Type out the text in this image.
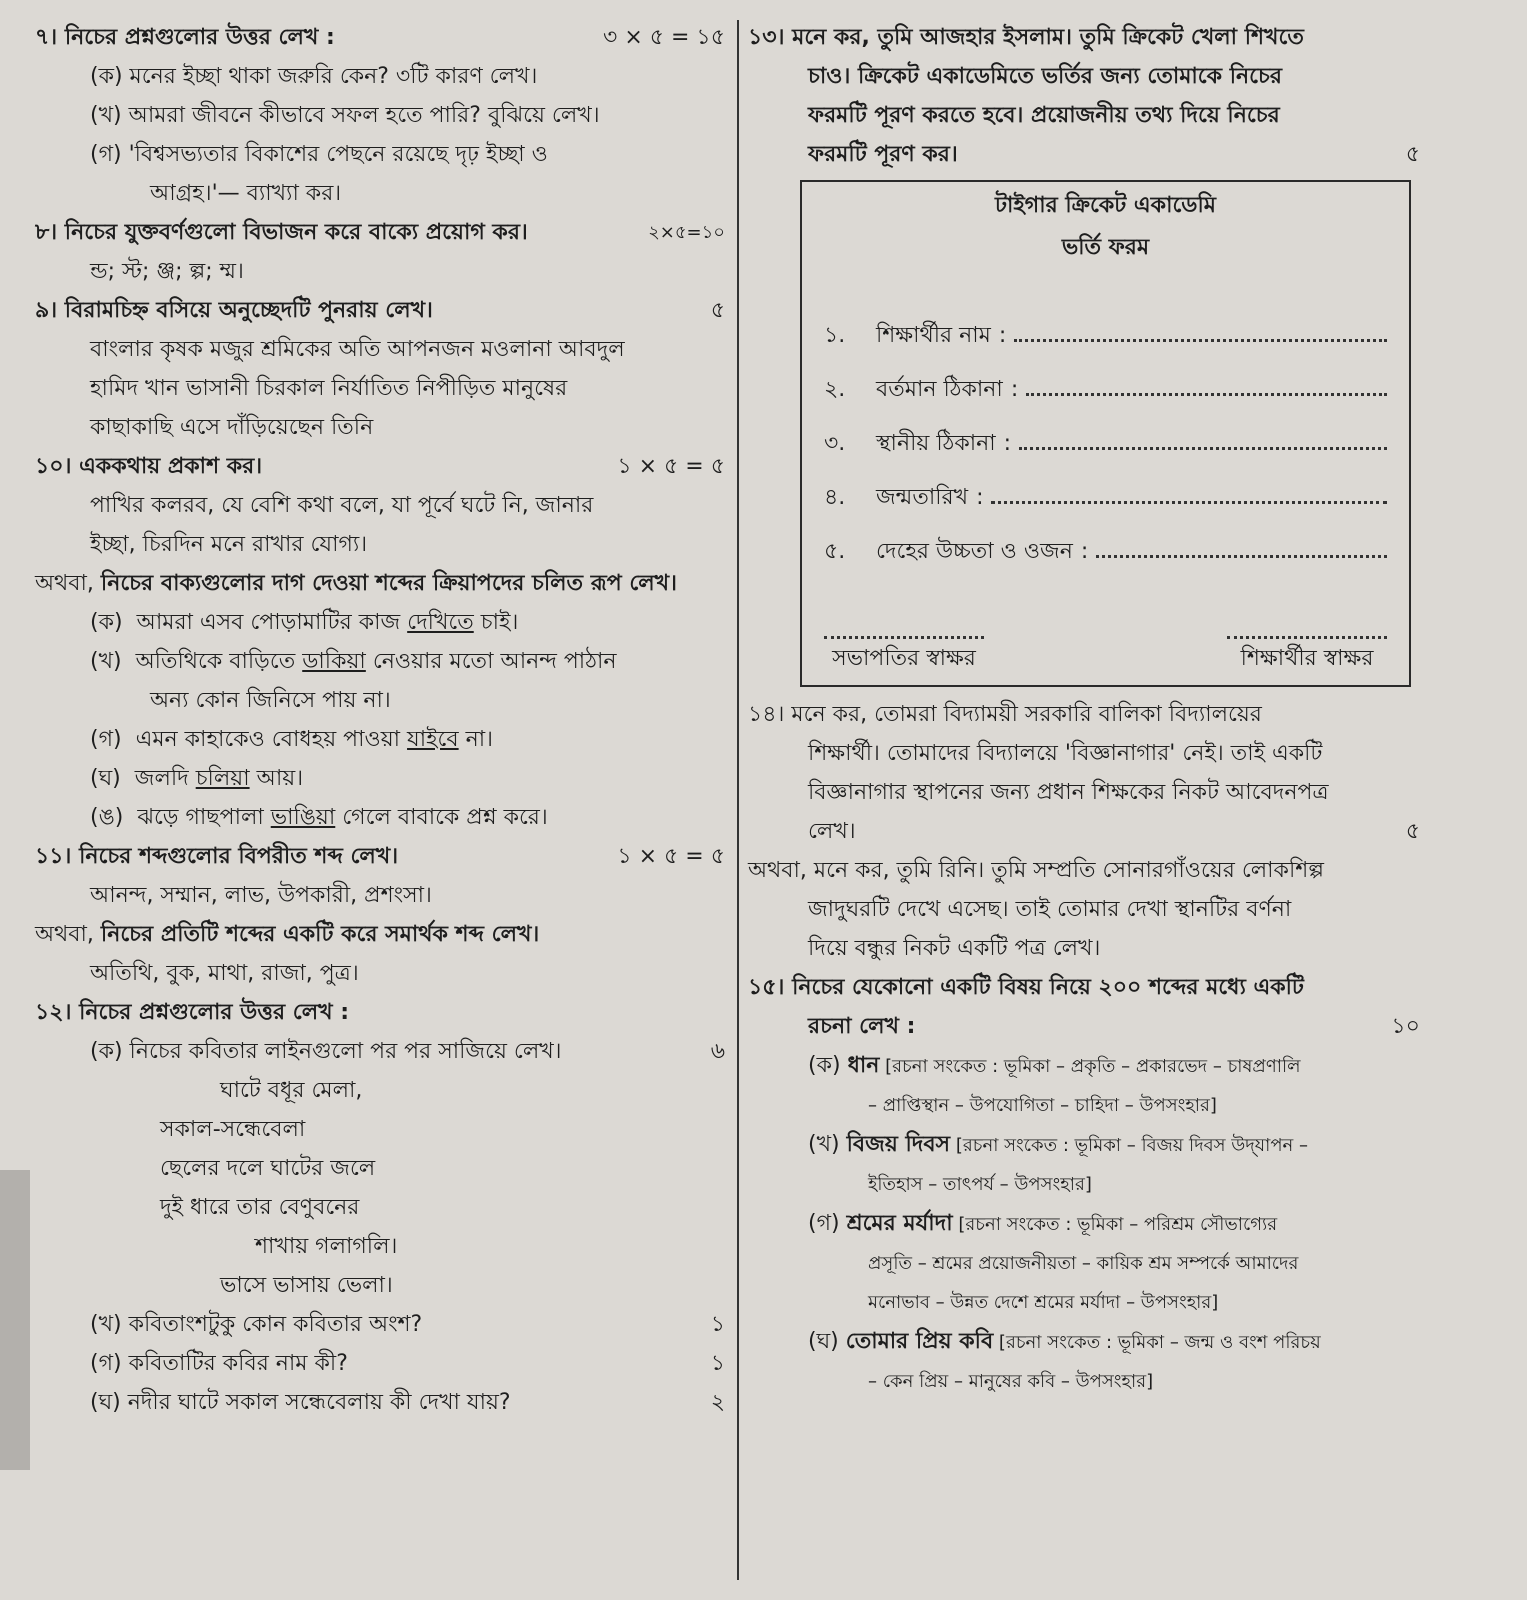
৭। নিচের প্রশ্নগুলোর উত্তর লেখ :	৩ × ৫ = ১৫
(ক) মনের ইচ্ছা থাকা জরুরি কেন? ৩টি কারণ লেখ।
(খ) আমরা জীবনে কীভাবে সফল হতে পারি? বুঝিয়ে লেখ।
(গ) 'বিশ্বসভ্যতার বিকাশের পেছনে রয়েছে দৃঢ় ইচ্ছা ও
আগ্রহ।'— ব্যাখ্যা কর।
৮। নিচের যুক্তবর্ণগুলো বিভাজন করে বাক্যে প্রয়োগ কর।	২×৫=১০
ন্ড; স্ট; ঞ্জ; ল্প; ম্ম।
৯। বিরামচিহ্ন বসিয়ে অনুচ্ছেদটি পুনরায় লেখ।	৫
বাংলার কৃষক মজুর শ্রমিকের অতি আপনজন মওলানা আবদুল
হামিদ খান ভাসানী চিরকাল নির্যাতিত নিপীড়িত মানুষের
কাছাকাছি এসে দাঁড়িয়েছেন তিনি
১০। এককথায় প্রকাশ কর।	১ × ৫ = ৫
পাখির কলরব, যে বেশি কথা বলে, যা পূর্বে ঘটে নি, জানার
ইচ্ছা, চিরদিন মনে রাখার যোগ্য।
অথবা, নিচের বাক্যগুলোর দাগ দেওয়া শব্দের ক্রিয়াপদের চলিত রূপ লেখ।
(ক) আমরা এসব পোড়ামাটির কাজ দেখিতে চাই।
(খ) অতিথিকে বাড়িতে ডাকিয়া নেওয়ার মতো আনন্দ পাঠান
অন্য কোন জিনিসে পায় না।
(গ) এমন কাহাকেও বোধহয় পাওয়া যাইবে না।
(ঘ) জলদি চলিয়া আয়।
(ঙ) ঝড়ে গাছপালা ভাঙিয়া গেলে বাবাকে প্রশ্ন করে।
১১। নিচের শব্দগুলোর বিপরীত শব্দ লেখ।	১ × ৫ = ৫
আনন্দ, সম্মান, লাভ, উপকারী, প্রশংসা।
অথবা, নিচের প্রতিটি শব্দের একটি করে সমার্থক শব্দ লেখ।
অতিথি, বুক, মাথা, রাজা, পুত্র।
১২। নিচের প্রশ্নগুলোর উত্তর লেখ :
(ক) নিচের কবিতার লাইনগুলো পর পর সাজিয়ে লেখ।	৬
ঘাটে বধূর মেলা,
সকাল-সন্ধেবেলা
ছেলের দলে ঘাটের জলে
দুই ধারে তার বেণুবনের
শাখায় গলাগলি।
ভাসে ভাসায় ভেলা।
(খ) কবিতাংশটুকু কোন কবিতার অংশ?	১
(গ) কবিতাটির কবির নাম কী?	১
(ঘ) নদীর ঘাটে সকাল সন্ধেবেলায় কী দেখা যায়?	২
১৩। মনে কর, তুমি আজহার ইসলাম। তুমি ক্রিকেট খেলা শিখতে
চাও। ক্রিকেট একাডেমিতে ভর্তির জন্য তোমাকে নিচের
ফরমটি পূরণ করতে হবে। প্রয়োজনীয় তথ্য দিয়ে নিচের
ফরমটি পূরণ কর।	৫
টাইগার ক্রিকেট একাডেমি
ভর্তি ফরম
১.	শিক্ষার্থীর নাম :
২.	বর্তমান ঠিকানা :
৩.	স্থানীয় ঠিকানা :
৪.	জন্মতারিখ :
৫.	দেহের উচ্চতা ও ওজন :
সভাপতির স্বাক্ষর	শিক্ষার্থীর স্বাক্ষর
১৪। মনে কর, তোমরা বিদ্যাময়ী সরকারি বালিকা বিদ্যালয়ের
শিক্ষার্থী। তোমাদের বিদ্যালয়ে 'বিজ্ঞানাগার' নেই। তাই একটি
বিজ্ঞানাগার স্থাপনের জন্য প্রধান শিক্ষকের নিকট আবেদনপত্র
লেখ।	৫
অথবা, মনে কর, তুমি রিনি। তুমি সম্প্রতি সোনারগাঁওয়ের লোকশিল্প
জাদুঘরটি দেখে এসেছ। তাই তোমার দেখা স্থানটির বর্ণনা
দিয়ে বন্ধুর নিকট একটি পত্র লেখ।
১৫। নিচের যেকোনো একটি বিষয় নিয়ে ২০০ শব্দের মধ্যে একটি
রচনা লেখ :	১০
(ক) ধান [রচনা সংকেত : ভূমিকা – প্রকৃতি – প্রকারভেদ – চাষপ্রণালি
– প্রাপ্তিস্থান – উপযোগিতা – চাহিদা – উপসংহার]
(খ) বিজয় দিবস [রচনা সংকেত : ভূমিকা – বিজয় দিবস উদ্‌যাপন –
ইতিহাস – তাৎপর্য – উপসংহার]
(গ) শ্রমের মর্যাদা [রচনা সংকেত : ভূমিকা – পরিশ্রম সৌভাগ্যের
প্রসূতি – শ্রমের প্রয়োজনীয়তা – কায়িক শ্রম সম্পর্কে আমাদের
মনোভাব – উন্নত দেশে শ্রমের মর্যাদা – উপসংহার]
(ঘ) তোমার প্রিয় কবি [রচনা সংকেত : ভূমিকা – জন্ম ও বংশ পরিচয়
– কেন প্রিয় – মানুষের কবি – উপসংহার]
